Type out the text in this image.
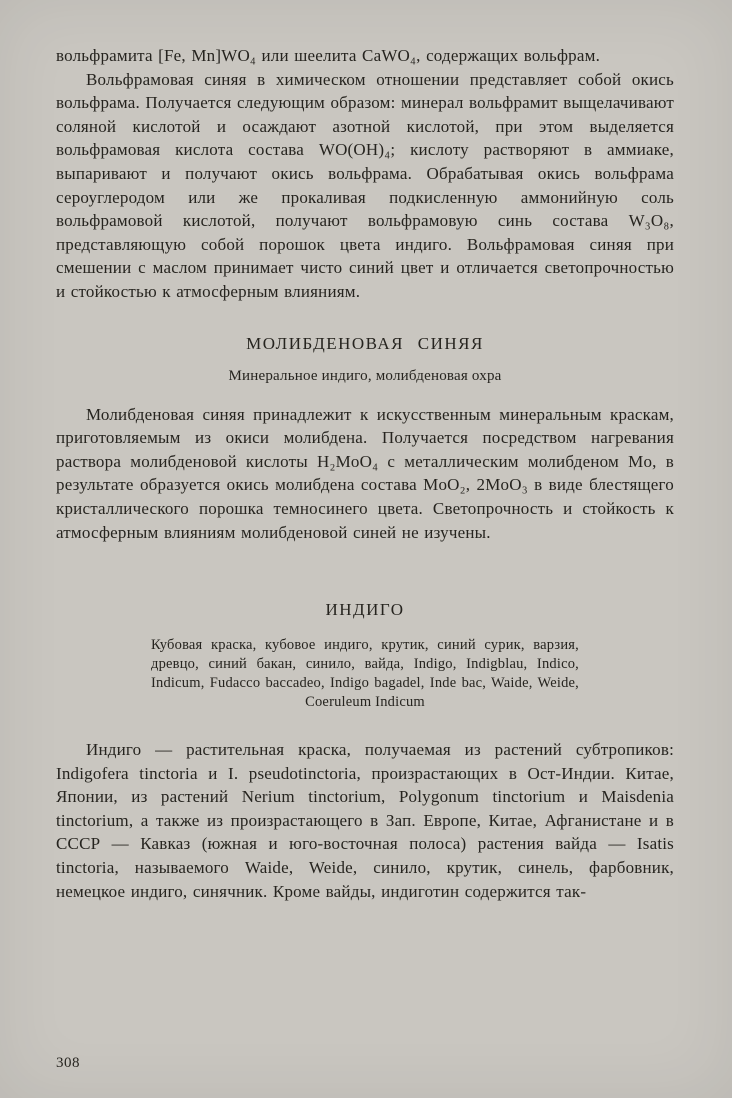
вольфрамита [Fe, Mn]WO₄ или шеелита CaWO₄, содержащих вольфрам.

Вольфрамовая синяя в химическом отношении представляет собой окись вольфрама. Получается следующим образом: минерал вольфрамит выщелачивают соляной кислотой и осаждают азотной кислотой, при этом выделяется вольфрамовая кислота состава WO(OH)₄; кислоту растворяют в аммиаке, выпаривают и получают окись вольфрама. Обрабатывая окись вольфрама сероуглеродом или же прокаливая подкисленную аммонийную соль вольфрамовой кислотой, получают вольфрамовую синь состава W₃O₈, представляющую собой порошок цвета индиго. Вольфрамовая синяя при смешении с маслом принимает чисто синий цвет и отличается светопрочностью и стойкостью к атмосферным влияниям.

МОЛИБДЕНОВАЯ СИНЯЯ
Минеральное индиго, молибденовая охра

Молибденовая синяя принадлежит к искусственным минеральным краскам, приготовляемым из окиси молибдена. Получается посредством нагревания раствора молибденовой кислоты H₂MoO₄ с металлическим молибденом Mo, в результате образуется окись молибдена состава MoO₂, 2MoO₃ в виде блестящего кристаллического порошка темносинего цвета. Светопрочность и стойкость к атмосферным влияниям молибденовой синей не изучены.

ИНДИГО
Кубовая краска, кубовое индиго, крутик, синий сурик, варзия, древцо, синий бакан, синило, вайда, Indigo, Indigblau, Indico, Indicum, Fudacco baccadeo, Indigo bagadel, Inde bac, Waide, Weide, Coeruleum Indicum

Индиго — растительная краска, получаемая из растений субтропиков: Indigofera tinctoria и I. pseudotinctoria, произрастающих в Ост-Индии. Китае, Японии, из растений Nerium tinctorium, Polygonum tinctorium и Maisdenia tinctorium, а также из произрастающего в Зап. Европе, Китае, Афганистане и в СССР — Кавказ (южная и юго-восточная полоса) растения вайда — Isatis tinctoria, называемого Waide, Weide, синило, крутик, синель, фарбовник, немецкое индиго, синячник. Кроме вайды, индиготин содержится так-

308
